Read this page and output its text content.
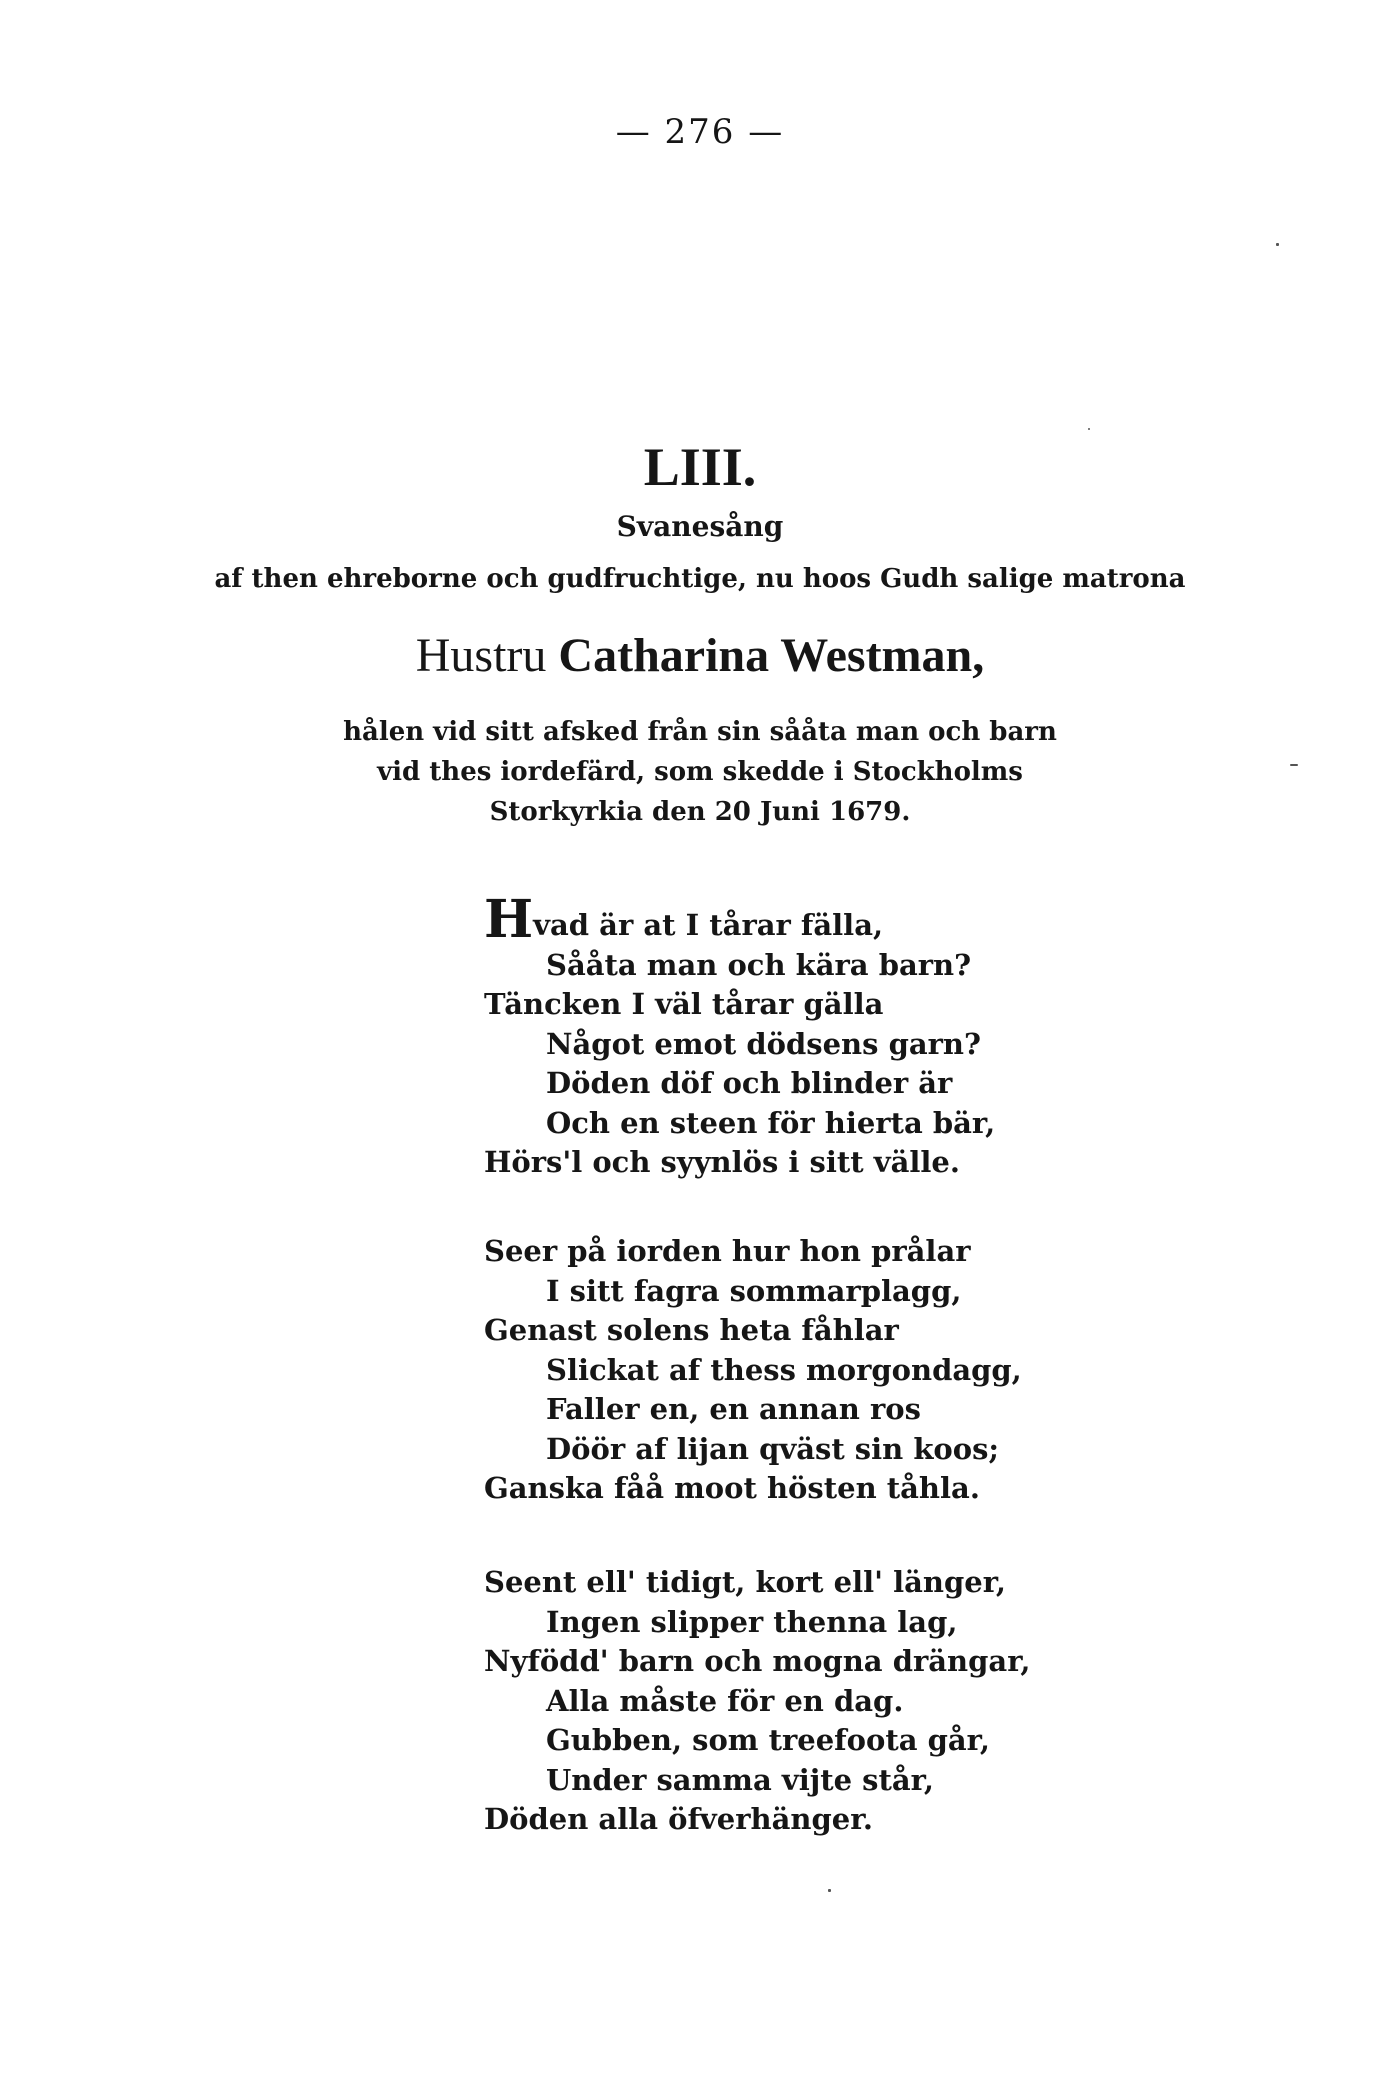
— 276 —
LIII.
Svanesång
af then ehreborne och gudfruchtige, nu hoos Gudh salige matrona
Hustru Catharina Westman,
hålen vid sitt afsked från sin sååta man och barn
vid thes iordefärd, som skedde i Stockholms
Storkyrkia den 20 Juni 1679.
Hvad är at I tårar fälla,
Sååta man och kära barn?
Täncken I väl tårar gälla
Något emot dödsens garn?
Döden döf och blinder är
Och en steen för hierta bär,
Hörs'l och syynlös i sitt välle.
Seer på iorden hur hon prålar
I sitt fagra sommarplagg,
Genast solens heta fåhlar
Slickat af thess morgondagg,
Faller en, en annan ros
Döör af lijan qväst sin koos;
Ganska fåå moot hösten tåhla.
Seent ell' tidigt, kort ell' länger,
Ingen slipper thenna lag,
Nyfödd' barn och mogna drängar,
Alla måste för en dag.
Gubben, som treefoota går,
Under samma vijte står,
Döden alla öfverhänger.
